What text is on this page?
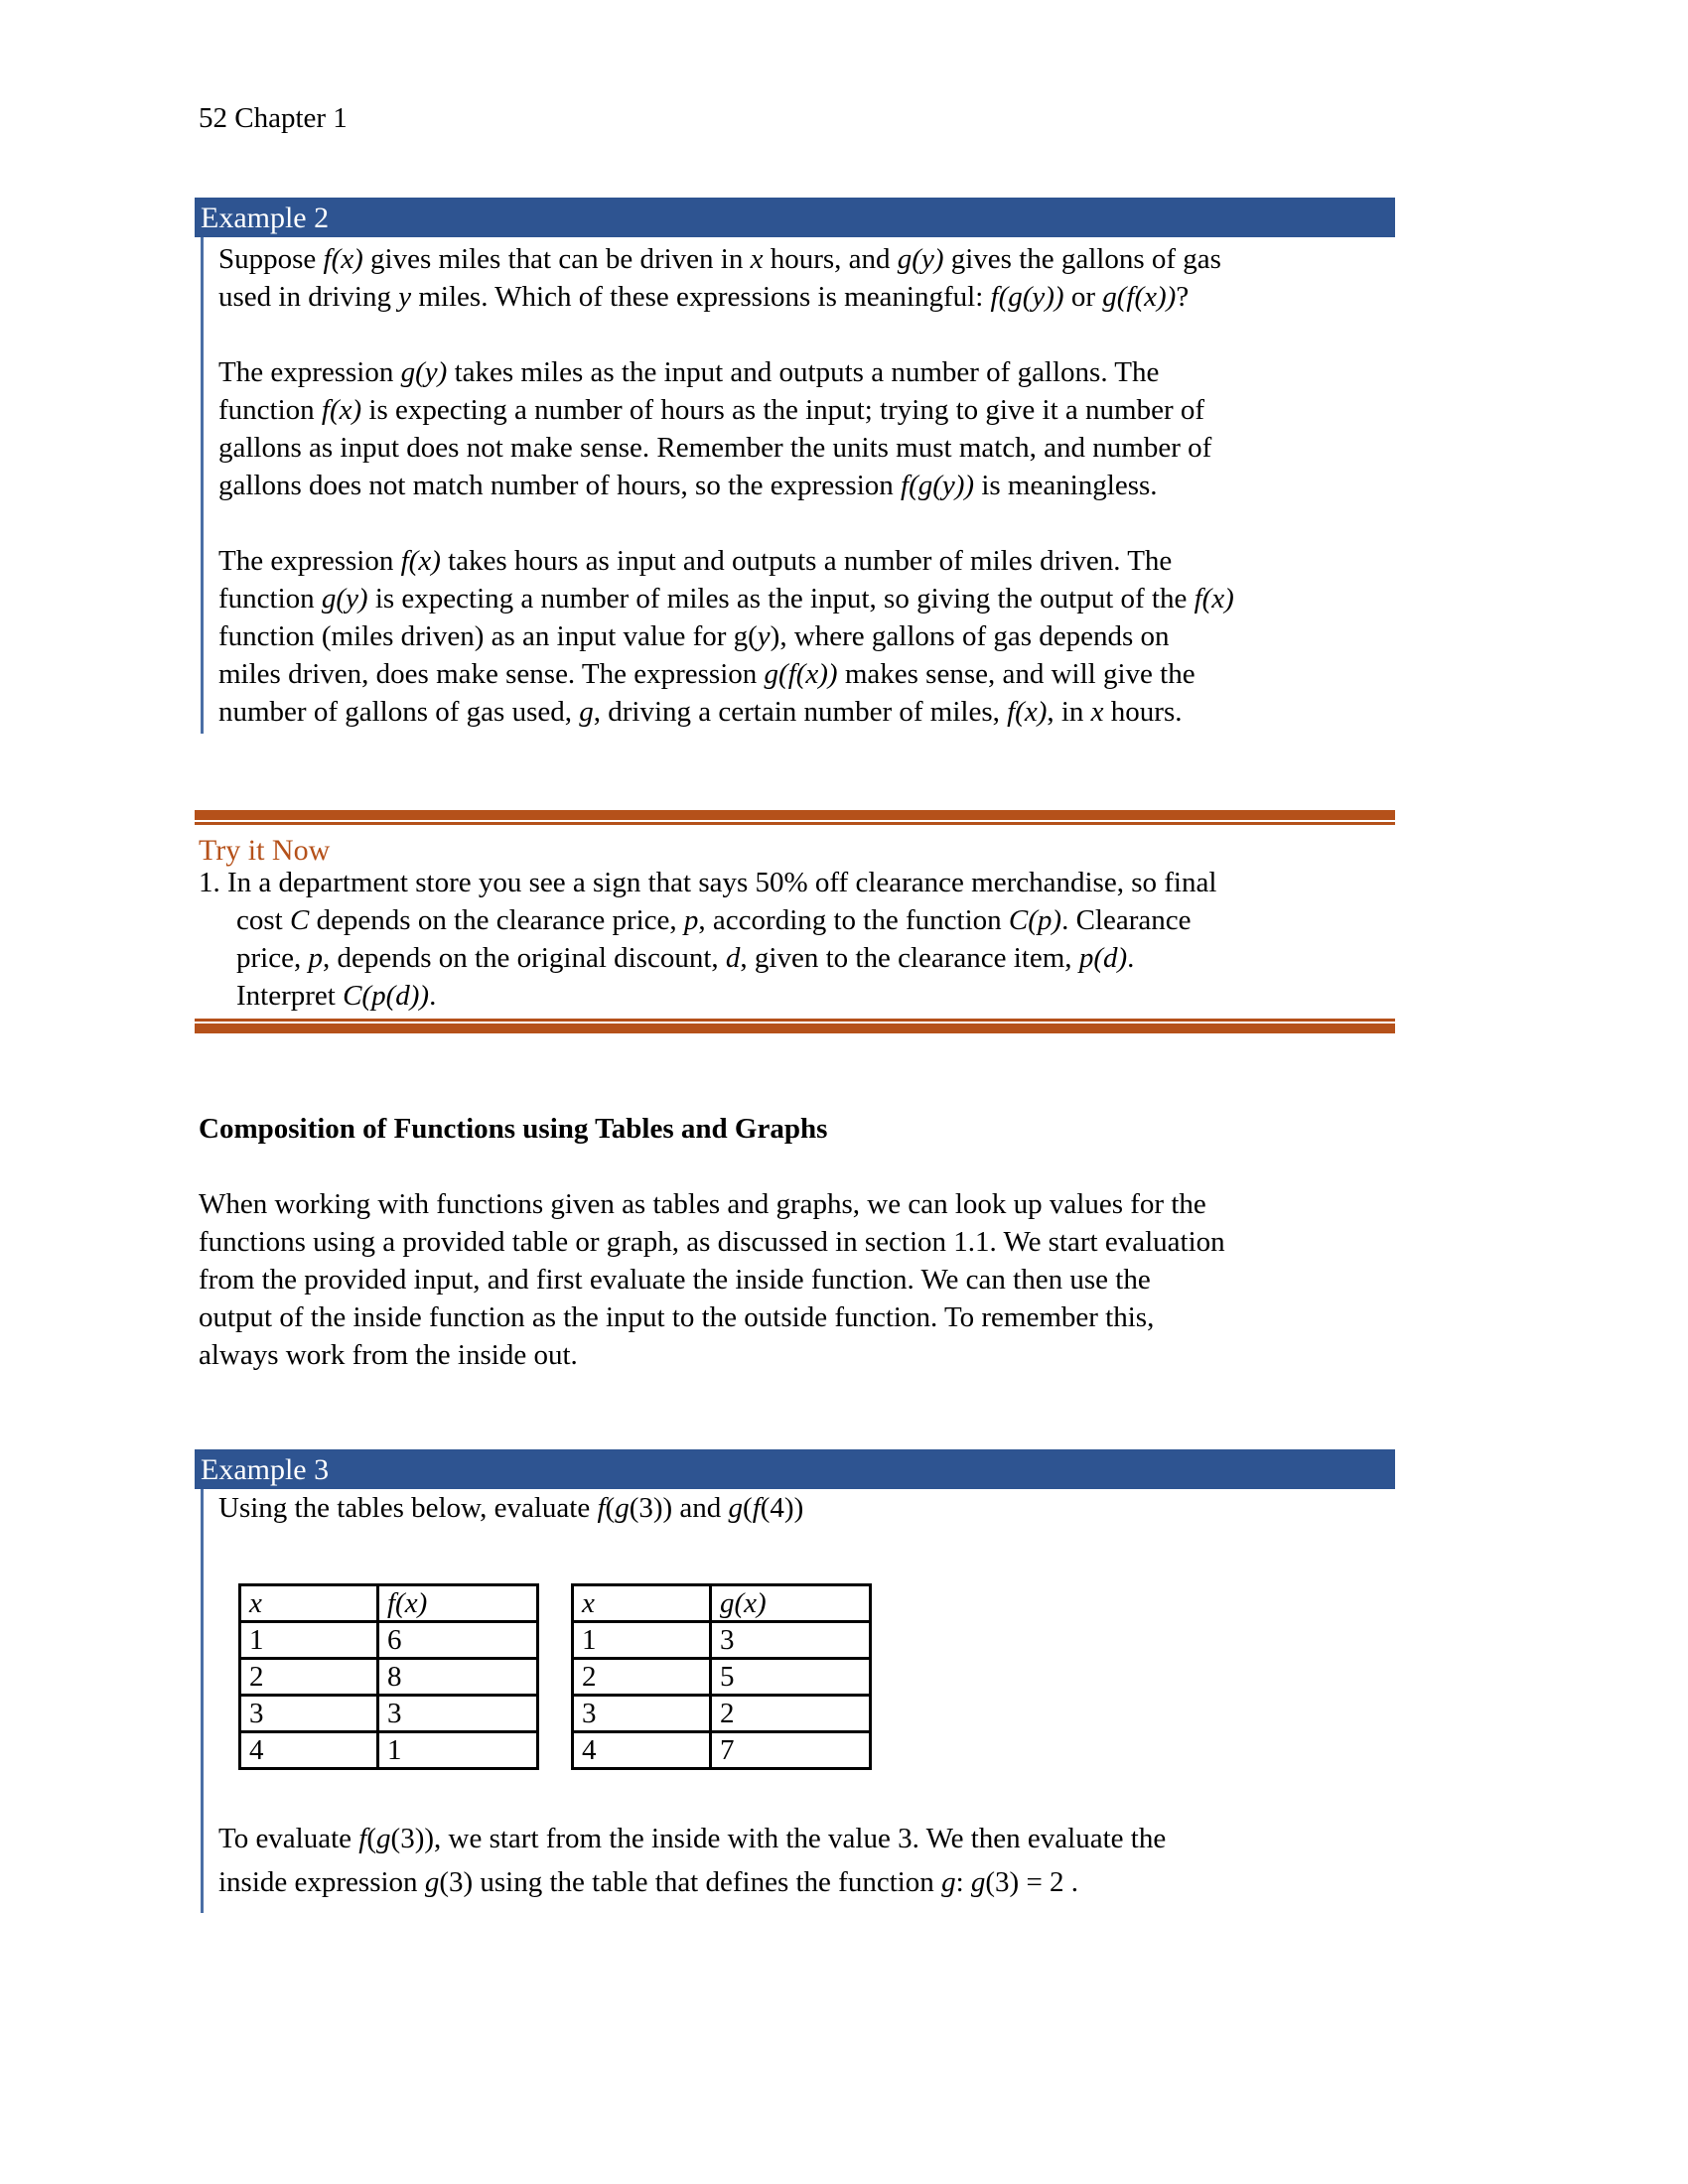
52 Chapter 1
Example 2
Suppose f(x) gives miles that can be driven in x hours, and g(y) gives the gallons of gas
used in driving y miles. Which of these expressions is meaningful: f(g(y)) or g(f(x))?
The expression g(y) takes miles as the input and outputs a number of gallons. The
function f(x) is expecting a number of hours as the input; trying to give it a number of
gallons as input does not make sense. Remember the units must match, and number of
gallons does not match number of hours, so the expression f(g(y)) is meaningless.
The expression f(x) takes hours as input and outputs a number of miles driven. The
function g(y) is expecting a number of miles as the input, so giving the output of the f(x)
function (miles driven) as an input value for g(y), where gallons of gas depends on
miles driven, does make sense. The expression g(f(x)) makes sense, and will give the
number of gallons of gas used, g, driving a certain number of miles, f(x), in x hours.
Try it Now
1. In a department store you see a sign that says 50% off clearance merchandise, so final
cost C depends on the clearance price, p, according to the function C(p). Clearance
price, p, depends on the original discount, d, given to the clearance item, p(d).
Interpret C(p(d)).
Composition of Functions using Tables and Graphs
When working with functions given as tables and graphs, we can look up values for the
functions using a provided table or graph, as discussed in section 1.1. We start evaluation
from the provided input, and first evaluate the inside function. We can then use the
output of the inside function as the input to the outside function. To remember this,
always work from the inside out.
Example 3
Using the tables below, evaluate f(g(3)) and g(f(4))
x	f(x)
1	6
2	8
3	3
4	1
x	g(x)
1	3
2	5
3	2
4	7
To evaluate f(g(3)), we start from the inside with the value 3. We then evaluate the
inside expression g(3) using the table that defines the function g: g(3) = 2 .
